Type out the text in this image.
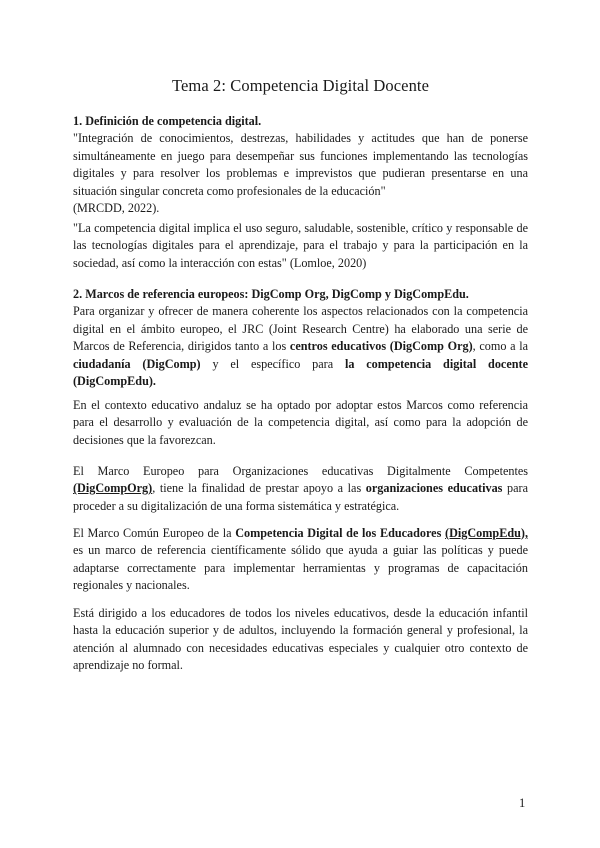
Tema 2: Competencia Digital Docente

1. Definición de competencia digital.

"Integración de conocimientos, destrezas, habilidades y actitudes que han de ponerse simultáneamente en juego para desempeñar sus funciones implementando las tecnologías digitales y para resolver los problemas e imprevistos que pudieran presentarse en una situación singular concreta como profesionales de la educación"

(MRCDD, 2022).

"La competencia digital implica el uso seguro, saludable, sostenible, crítico y responsable de las tecnologías digitales para el aprendizaje, para el trabajo y para la participación en la sociedad, así como la interacción con estas" (Lomloe, 2020)

2. Marcos de referencia europeos: DigComp Org, DigComp y DigCompEdu.

Para organizar y ofrecer de manera coherente los aspectos relacionados con la competencia digital en el ámbito europeo, el JRC (Joint Research Centre) ha elaborado una serie de Marcos de Referencia, dirigidos tanto a los centros educativos (DigComp Org), como a la ciudadanía (DigComp) y el específico para la competencia digital docente (DigCompEdu).

En el contexto educativo andaluz se ha optado por adoptar estos Marcos como referencia para el desarrollo y evaluación de la competencia digital, así como para la adopción de decisiones que la favorezcan.

El Marco Europeo para Organizaciones educativas Digitalmente Competentes (DigCompOrg), tiene la finalidad de prestar apoyo a las organizaciones educativas para proceder a su digitalización de una forma sistemática y estratégica.

El Marco Común Europeo de la Competencia Digital de los Educadores (DigCompEdu), es un marco de referencia científicamente sólido que ayuda a guiar las políticas y puede adaptarse correctamente para implementar herramientas y programas de capacitación regionales y nacionales.

Está dirigido a los educadores de todos los niveles educativos, desde la educación infantil hasta la educación superior y de adultos, incluyendo la formación general y profesional, la atención al alumnado con necesidades educativas especiales y cualquier otro contexto de aprendizaje no formal.

1
